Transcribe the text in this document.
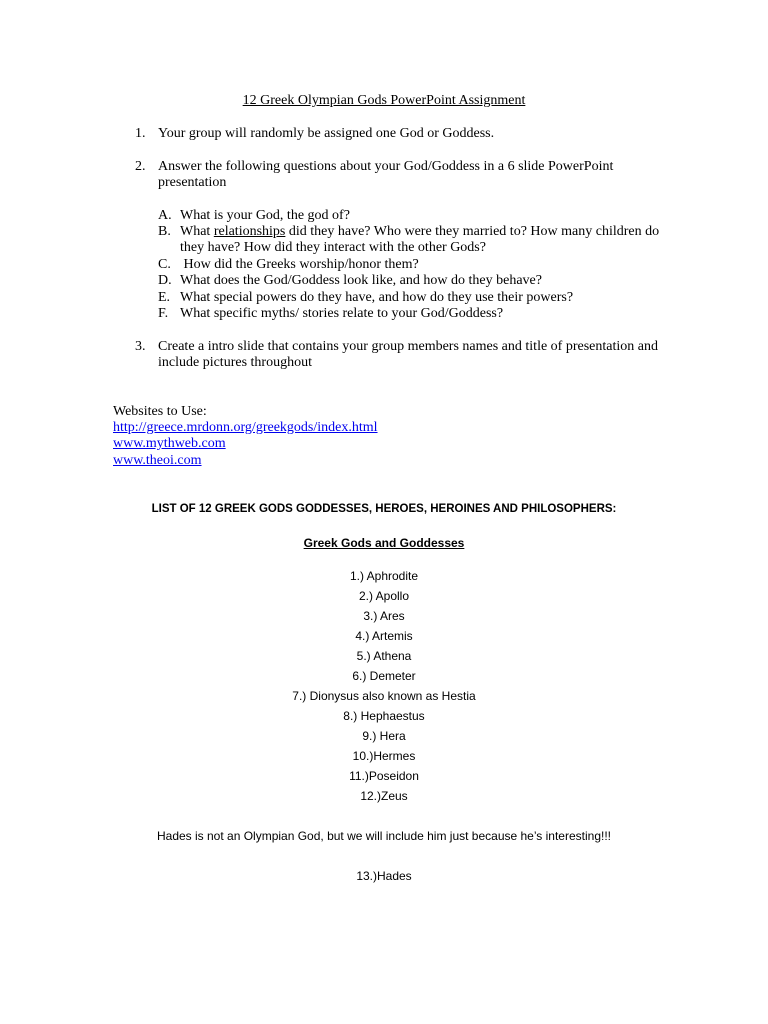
12 Greek Olympian Gods PowerPoint Assignment
1. Your group will randomly be assigned one God or Goddess.
2. Answer the following questions about your God/Goddess in a 6 slide PowerPoint presentation
A. What is your God, the god of?
B. What relationships did they have? Who were they married to? How many children do they have? How did they interact with the other Gods?
C. How did the Greeks worship/honor them?
D. What does the God/Goddess look like, and how do they behave?
E. What special powers do they have, and how do they use their powers?
F. What specific myths/ stories relate to your God/Goddess?
3. Create a intro slide that contains your group members names and title of presentation and include pictures throughout
Websites to Use:
http://greece.mrdonn.org/greekgods/index.html
www.mythweb.com
www.theoi.com
LIST OF 12 GREEK GODS GODDESSES, HEROES, HEROINES AND PHILOSOPHERS:
Greek Gods and Goddesses
1.) Aphrodite
2.) Apollo
3.) Ares
4.) Artemis
5.) Athena
6.) Demeter
7.) Dionysus also known as Hestia
8.) Hephaestus
9.) Hera
10.)Hermes
11.)Poseidon
12.)Zeus
Hades is not an Olympian God, but we will include him just because he’s interesting!!!
13.)Hades
